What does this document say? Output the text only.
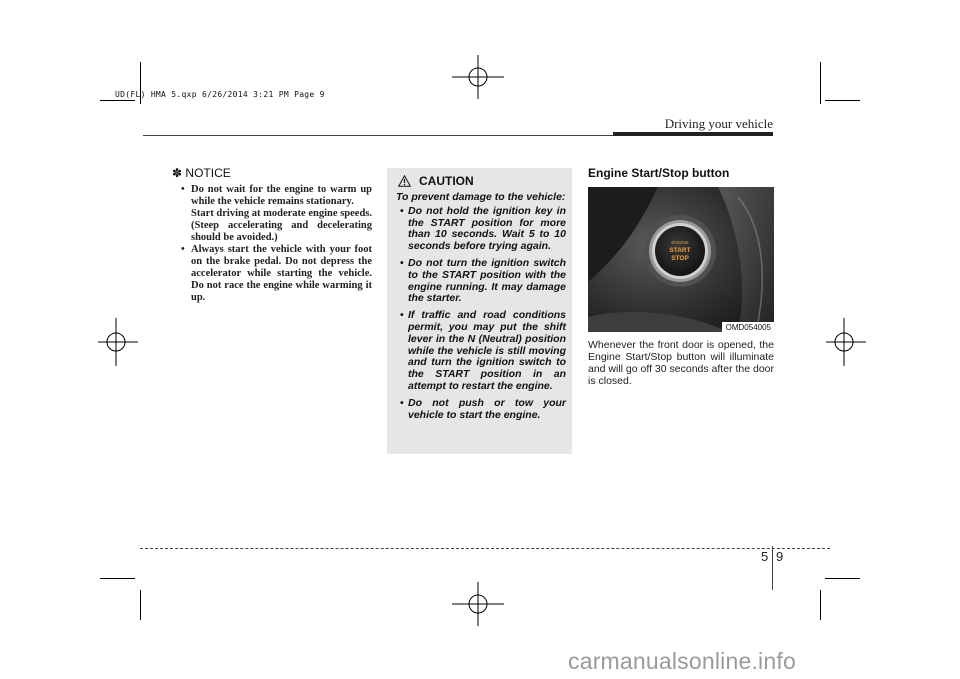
UD(FL) HMA 5.qxp 6/26/2014 3:21 PM Page 9
Driving your vehicle
✽ NOTICE
• Do not wait for the engine to warm up while the vehicle remains stationary.
Start driving at moderate engine speeds. (Steep accelerating and decelerating should be avoided.)
• Always start the vehicle with your foot on the brake pedal. Do not depress the accelerator while starting the vehicle. Do not race the engine while warming it up.
CAUTION

To prevent damage to the vehicle:

• Do not hold the ignition key in the START position for more than 10 seconds. Wait 5 to 10 seconds before trying again.
• Do not turn the ignition switch to the START position with the engine running. It may damage the starter.
• If traffic and road conditions permit, you may put the shift lever in the N (Neutral) position while the vehicle is still moving and turn the ignition switch to the START position in an attempt to restart the engine.
• Do not push or tow your vehicle to start the engine.
Engine Start/Stop button
ENGINE
START
STOP
OMD054005
Whenever the front door is opened, the Engine Start/Stop button will illuminate and will go off 30 seconds after the door is closed.
5 9
carmanualsonline.info
